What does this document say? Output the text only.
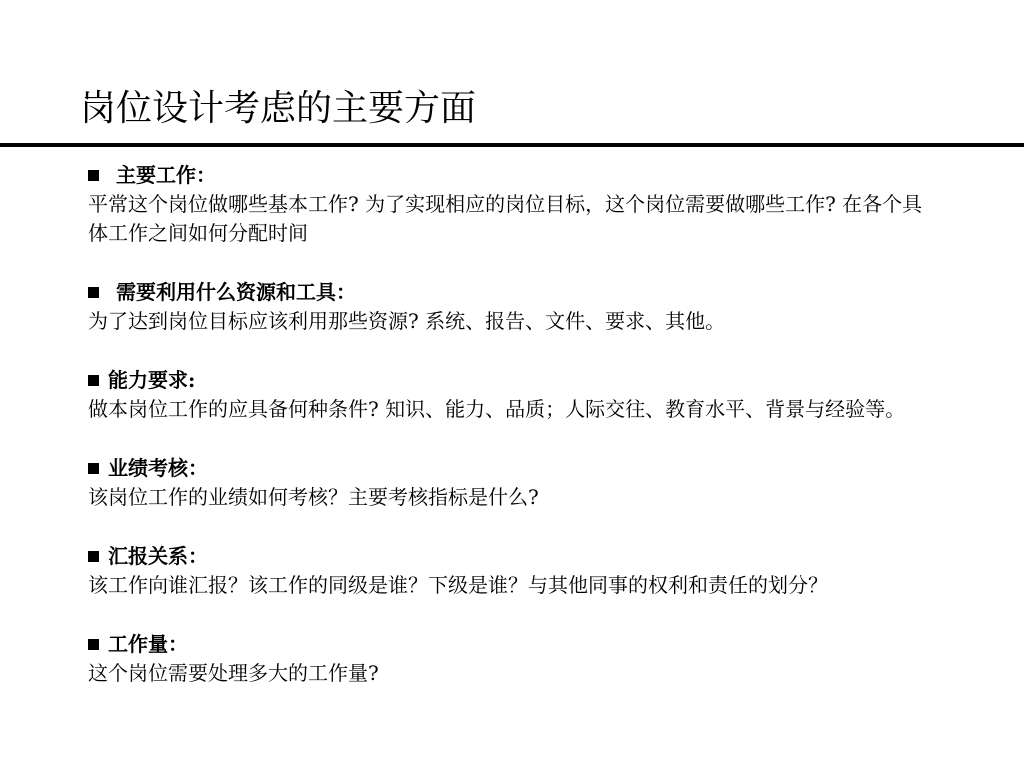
岗位设计考虑的主要方面
主要工作：
平常这个岗位做哪些基本工作? 为了实现相应的岗位目标，这个岗位需要做哪些工作? 在各个具体工作之间如何分配时间
需要利用什么资源和工具：
为了达到岗位目标应该利用那些资源? 系统、报告、文件、要求、其他。
能力要求:
做本岗位工作的应具备何种条件? 知识、能力、品质；人际交往、教育水平、背景与经验等。
业绩考核：
该岗位工作的业绩如何考核？主要考核指标是什么?
汇报关系：
该工作向谁汇报？该工作的同级是谁？下级是谁？与其他同事的权利和责任的划分？
工作量：
这个岗位需要处理多大的工作量?
